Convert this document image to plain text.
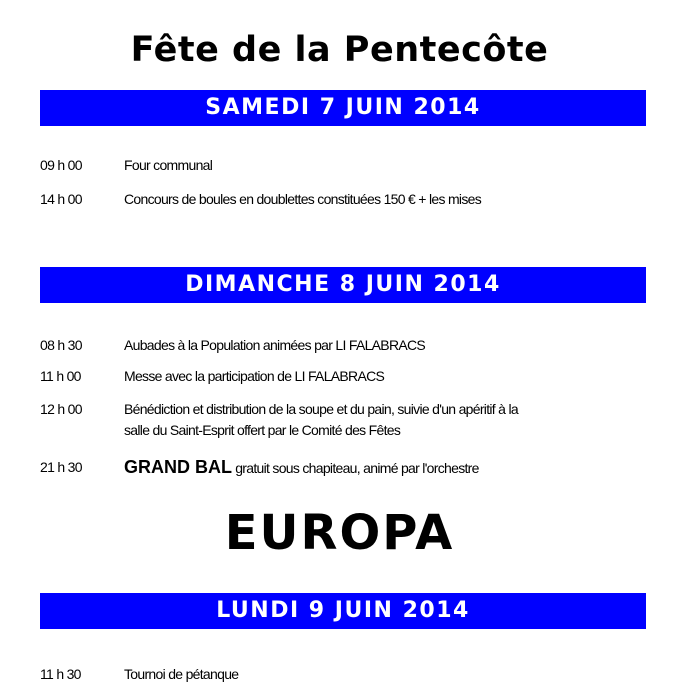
Fête de la Pentecôte
SAMEDI 7 JUIN 2014
09 h 00	Four communal
14 h 00	Concours de boules en doublettes constituées 150 € + les mises
DIMANCHE 8 JUIN 2014
08 h 30	Aubades à la Population animées par LI FALABRACS
11 h 00	Messe avec la participation de LI FALABRACS
12 h 00	Bénédiction et distribution de la soupe et du pain, suivie d'un apéritif à la
salle du Saint-Esprit offert par le Comité des Fêtes
21 h 30	GRAND BAL gratuit sous chapiteau, animé par l'orchestre
EUROPA
LUNDI 9 JUIN 2014
11 h 30	Tournoi de pétanque
